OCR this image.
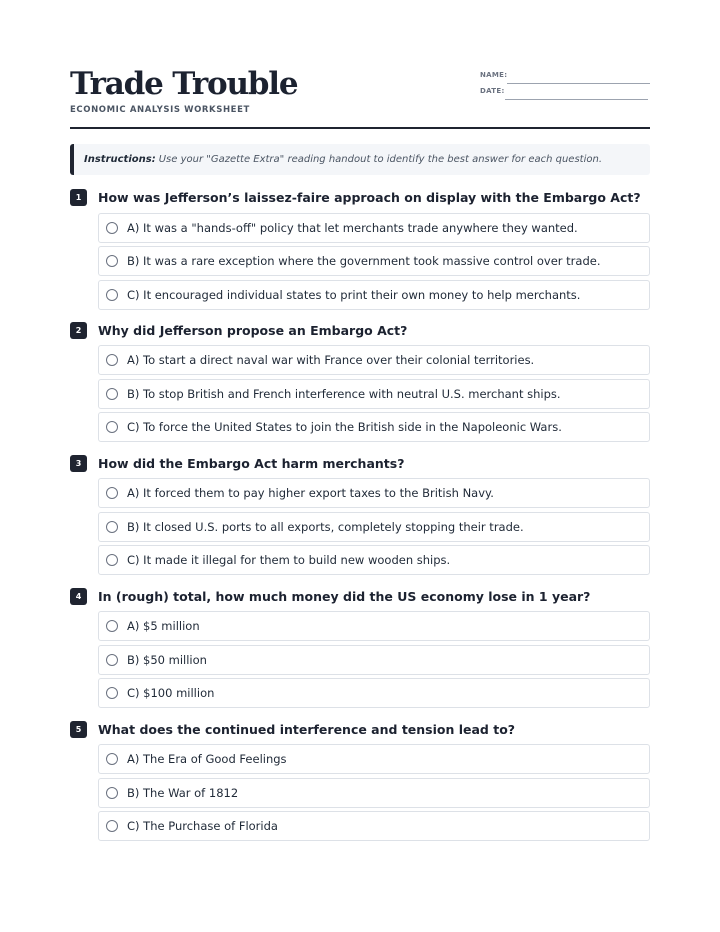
Trade Trouble
ECONOMIC ANALYSIS WORKSHEET
NAME:
DATE:
Instructions: Use your "Gazette Extra" reading handout to identify the best answer for each question.
1	How was Jefferson’s laissez-faire approach on display with the Embargo Act?
A) It was a "hands-off" policy that let merchants trade anywhere they wanted.
B) It was a rare exception where the government took massive control over trade.
C) It encouraged individual states to print their own money to help merchants.
2	Why did Jefferson propose an Embargo Act?
A) To start a direct naval war with France over their colonial territories.
B) To stop British and French interference with neutral U.S. merchant ships.
C) To force the United States to join the British side in the Napoleonic Wars.
3	How did the Embargo Act harm merchants?
A) It forced them to pay higher export taxes to the British Navy.
B) It closed U.S. ports to all exports, completely stopping their trade.
C) It made it illegal for them to build new wooden ships.
4	In (rough) total, how much money did the US economy lose in 1 year?
A) $5 million
B) $50 million
C) $100 million
5	What does the continued interference and tension lead to?
A) The Era of Good Feelings
B) The War of 1812
C) The Purchase of Florida
